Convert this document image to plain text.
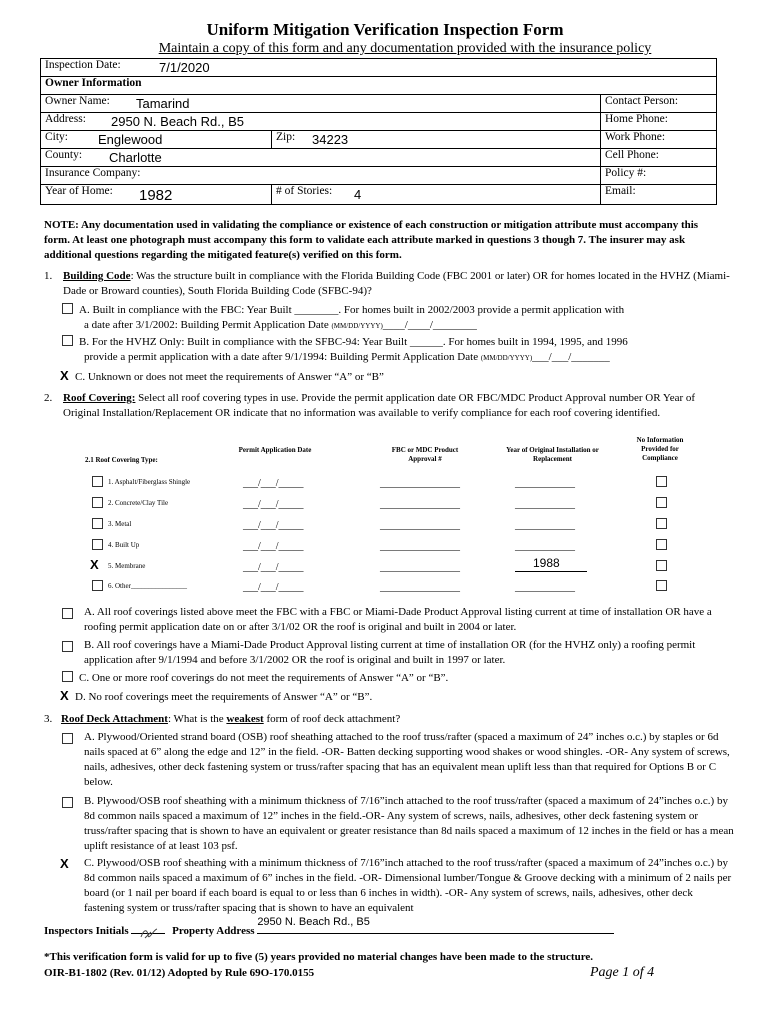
Uniform Mitigation Verification Inspection Form
Maintain a copy of this form and any documentation provided with the insurance policy
Inspection Date: 7/1/2020		

Owner Information		
Owner Name: Tamarind		Contact Person:
Address: 2950 N. Beach Rd., B5		Home Phone:
City: Englewood	Zip: 34223	Work Phone:
County: Charlotte		Cell Phone:
Insurance Company:		Policy #:
Year of Home: 1982	# of Stories: 4	Email:
NOTE: Any documentation used in validating the compliance or existence of each construction or mitigation attribute must accompany this form. At least one photograph must accompany this form to validate each attribute marked in questions 3 though 7. The insurer may ask additional questions regarding the mitigated feature(s) verified on this form.
1. Building Code: Was the structure built in compliance with the Florida Building Code (FBC 2001 or later) OR for homes located in the HVHZ (Miami-Dade or Broward counties), South Florida Building Code (SFBC-94)?
A. Built in compliance with the FBC: Year Built ________. For homes built in 2002/2003 provide a permit application with
a date after 3/1/2002: Building Permit Application Date (MM/DD/YYYY)____/____/________
B. For the HVHZ Only: Built in compliance with the SFBC-94: Year Built ______. For homes built in 1994, 1995, and 1996
provide a permit application with a date after 9/1/1994: Building Permit Application Date (MM/DD/YYYY)___/___/_______
X C. Unknown or does not meet the requirements of Answer “A” or “B”
2. Roof Covering: Select all roof covering types in use. Provide the permit application date OR FBC/MDC Product Approval number OR Year of Original Installation/Replacement OR indicate that no information was available to verify compliance for each roof covering identified.
2.1 Roof Covering Type:
Permit Application Date	FBC or MDC Product Approval #
Year of Original Installation or Replacement
No Information Provided for Compliance
1. Asphalt/Fiberglass Shingle	___/___/_____	________________	____________
2. Concrete/Clay Tile	___/___/_____	________________	____________
3. Metal	___/___/_____	________________	____________
4. Built Up	___/___/_____	________________	____________
X	5. Membrane	___/___/_____	________________	1988
6. Other________________	___/___/_____	________________	____________
A. All roof coverings listed above meet the FBC with a FBC or Miami-Dade Product Approval listing current at time of installation OR have a roofing permit application date on or after 3/1/02 OR the roof is original and built in 2004 or later.
B. All roof coverings have a Miami-Dade Product Approval listing current at time of installation OR (for the HVHZ only) a roofing permit application after 9/1/1994 and before 3/1/2002 OR the roof is original and built in 1997 or later.
C. One or more roof coverings do not meet the requirements of Answer “A” or “B”.
X D. No roof coverings meet the requirements of Answer “A” or “B”.
3. Roof Deck Attachment: What is the weakest form of roof deck attachment?
A. Plywood/Oriented strand board (OSB) roof sheathing attached to the roof truss/rafter (spaced a maximum of 24” inches o.c.) by staples or 6d nails spaced at 6” along the edge and 12” in the field. -OR- Batten decking supporting wood shakes or wood shingles. -OR- Any system of screws, nails, adhesives, other deck fastening system or truss/rafter spacing that has an equivalent mean uplift less than that required for Options B or C below.
B. Plywood/OSB roof sheathing with a minimum thickness of 7/16”inch attached to the roof truss/rafter (spaced a maximum of 24”inches o.c.) by 8d common nails spaced a maximum of 12” inches in the field.-OR- Any system of screws, nails, adhesives, other deck fastening system or truss/rafter spacing that is shown to have an equivalent or greater resistance than 8d nails spaced a maximum of 12 inches in the field or has a mean uplift resistance of at least 103 psf.
X C. Plywood/OSB roof sheathing with a minimum thickness of 7/16”inch attached to the roof truss/rafter (spaced a maximum of 24”inches o.c.) by 8d common nails spaced a maximum of 6” inches in the field. -OR- Dimensional lumber/Tongue & Groove decking with a minimum of 2 nails per board (or 1 nail per board if each board is equal to or less than 6 inches in width). -OR- Any system of screws, nails, adhesives, other deck fastening system or truss/rafter spacing that is shown to have an equivalent
Inspectors Initials	Property Address
2950 N. Beach Rd., B5
*This verification form is valid for up to five (5) years provided no material changes have been made to the structure.
OIR-B1-1802 (Rev. 01/12) Adopted by Rule 69O-170.0155	Page 1 of 4
